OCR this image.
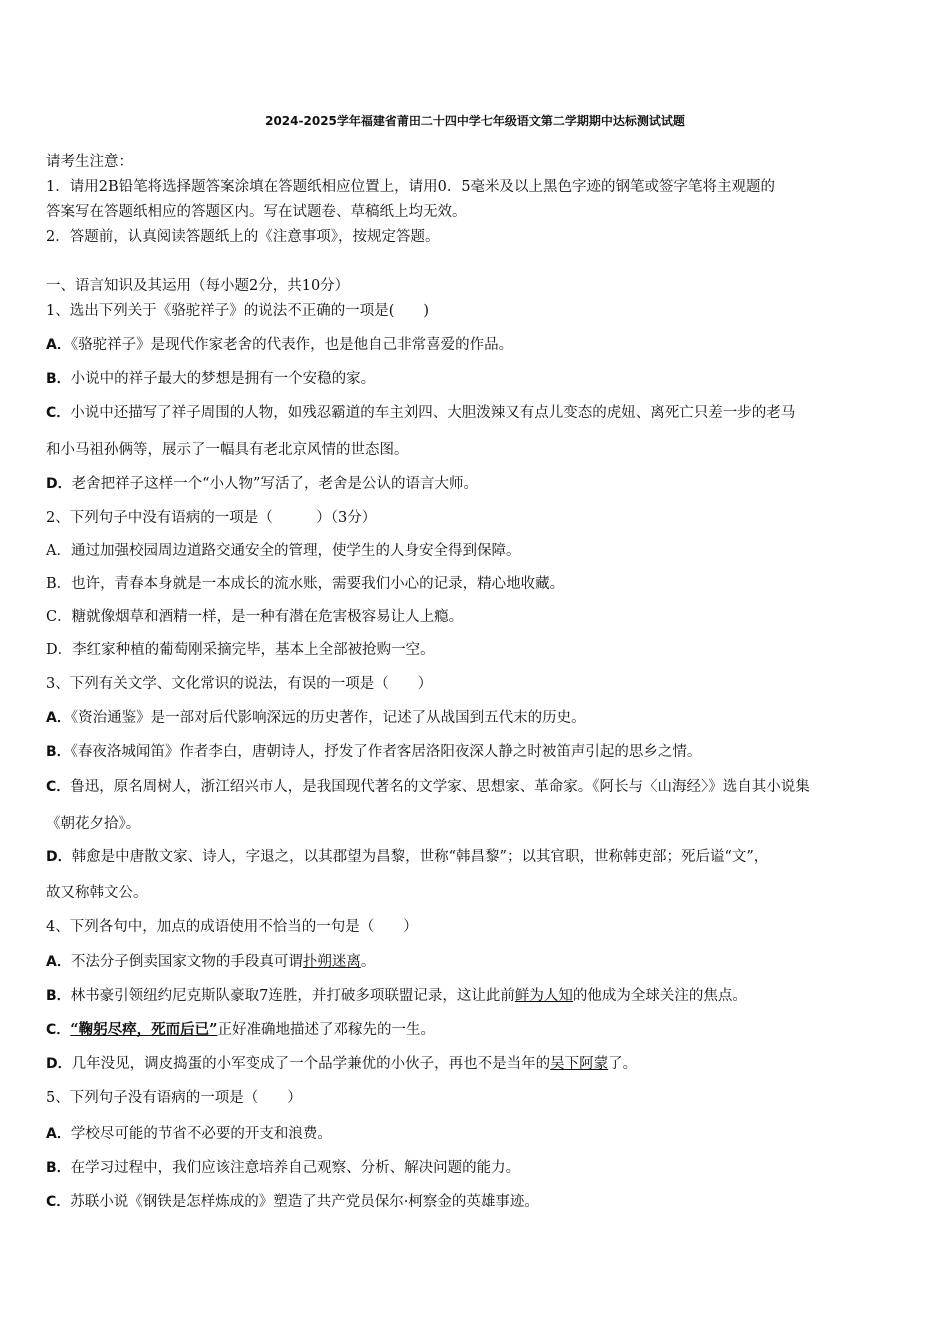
2024-2025学年福建省莆田二十四中学七年级语文第二学期期中达标测试试题
请考生注意：
1．请用2B铅笔将选择题答案涂填在答题纸相应位置上，请用0．5毫米及以上黑色字迹的钢笔或签字笔将主观题的
答案写在答题纸相应的答题区内。写在试题卷、草稿纸上均无效。
2．答题前，认真阅读答题纸上的《注意事项》，按规定答题。
一、语言知识及其运用（每小题2分，共10分）
1、选出下列关于《骆驼祥子》的说法不正确的一项是(　　)
A．《骆驼祥子》是现代作家老舍的代表作，也是他自己非常喜爱的作品。
B．小说中的祥子最大的梦想是拥有一个安稳的家。
C．小说中还描写了祥子周围的人物，如残忍霸道的车主刘四、大胆泼辣又有点儿变态的虎妞、离死亡只差一步的老马
和小马祖孙俩等，展示了一幅具有老北京风情的世态图。
D．老舍把祥子这样一个“小人物”写活了，老舍是公认的语言大师。
2、下列句子中没有语病的一项是（　　　）（3分）
A．通过加强校园周边道路交通安全的管理，使学生的人身安全得到保障。
B．也许，青春本身就是一本成长的流水账，需要我们小心的记录，精心地收藏。
C．糖就像烟草和酒精一样，是一种有潜在危害极容易让人上瘾。
D．李红家种植的葡萄刚采摘完毕，基本上全部被抢购一空。
3、下列有关文学、文化常识的说法，有误的一项是（　　）
A．《资治通鉴》是一部对后代影响深远的历史著作，记述了从战国到五代末的历史。
B．《春夜洛城闻笛》作者李白，唐朝诗人，抒发了作者客居洛阳夜深人静之时被笛声引起的思乡之情。
C．鲁迅，原名周树人，浙江绍兴市人，是我国现代著名的文学家、思想家、革命家。《阿长与〈山海经〉》选自其小说集
《朝花夕拾》。
D．韩愈是中唐散文家、诗人，字退之，以其郡望为昌黎，世称“韩昌黎”；以其官职，世称韩吏部；死后谥“文”，
故又称韩文公。
4、下列各句中，加点的成语使用不恰当的一句是（　　）
A．不法分子倒卖国家文物的手段真可谓扑朔迷离。
B．林书豪引领纽约尼克斯队豪取7连胜，并打破多项联盟记录，这让此前鲜为人知的他成为全球关注的焦点。
C．“鞠躬尽瘁，死而后已”正好准确地描述了邓稼先的一生。
D．几年没见，调皮捣蛋的小军变成了一个品学兼优的小伙子，再也不是当年的吴下阿蒙了。
5、下列句子没有语病的一项是（　　）
A．学校尽可能的节省不必要的开支和浪费。
B．在学习过程中，我们应该注意培养自己观察、分析、解决问题的能力。
C．苏联小说《钢铁是怎样炼成的》塑造了共产党员保尔·柯察金的英雄事迹。
